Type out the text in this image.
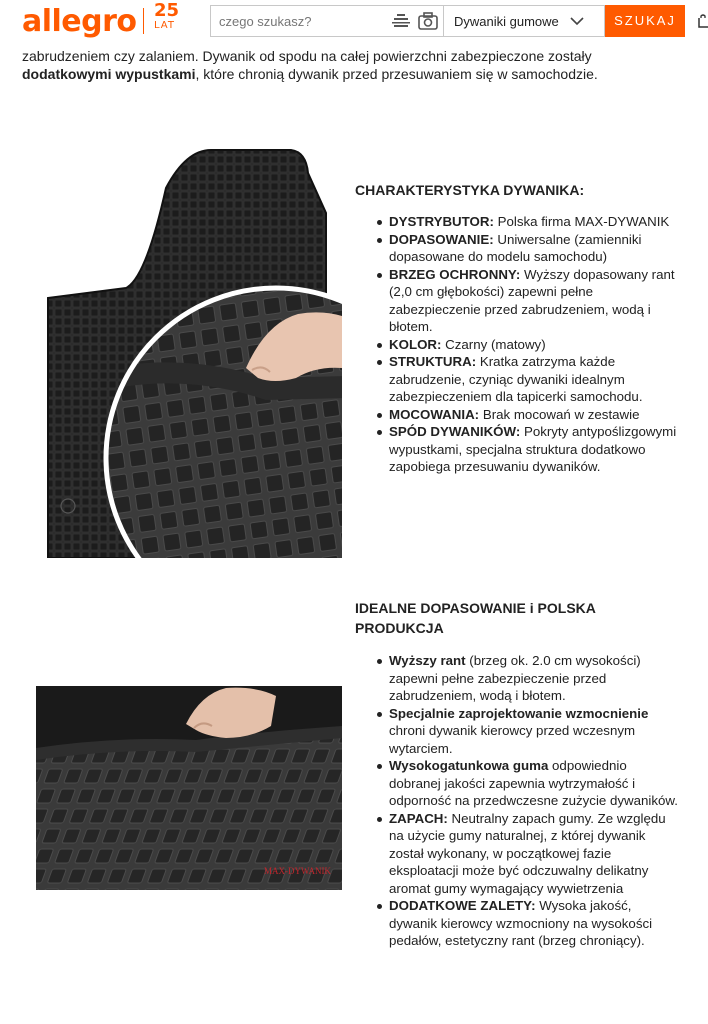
allegro 25
LAT
czego szukasz?	Dywaniki gumowe	SZUKAJ
zabrudzeniem czy zalaniem. Dywanik od spodu na całej powierzchni zabezpieczone zostały
dodatkowymi wypustkami, które chronią dywanik przed przesuwaniem się w samochodzie.
CHARAKTERYSTYKA DYWANIKA:
DYSTRYBUTOR: Polska firma MAX-DYWANIK
DOPASOWANIE: Uniwersalne (zamienniki dopasowane do modelu samochodu)
BRZEG OCHRONNY: Wyższy dopasowany rant (2,0 cm głębokości) zapewni pełne zabezpieczenie przed zabrudzeniem, wodą i błotem.
KOLOR: Czarny (matowy)
STRUKTURA: Kratka zatrzyma każde zabrudzenie, czyniąc dywaniki idealnym zabezpieczeniem dla tapicerki samochodu.
MOCOWANIA: Brak mocowań w zestawie
SPÓD DYWANIKÓW: Pokryty antypoślizgowymi wypustkami, specjalna struktura dodatkowo zapobiega przesuwaniu dywaników.
MAX-DYWANIK
IDEALNE DOPASOWANIE i POLSKA PRODUKCJA
Wyższy rant (brzeg ok. 2.0 cm wysokości) zapewni pełne zabezpieczenie przed zabrudzeniem, wodą i błotem.
Specjalnie zaprojektowanie wzmocnienie chroni dywanik kierowcy przed wczesnym wytarciem.
Wysokogatunkowa guma odpowiednio dobranej jakości zapewnia wytrzymałość i odporność na przedwczesne zużycie dywaników.
ZAPACH: Neutralny zapach gumy. Ze względu na użycie gumy naturalnej, z której dywanik został wykonany, w początkowej fazie eksploatacji może być odczuwalny delikatny aromat gumy wymagający wywietrzenia
DODATKOWE ZALETY: Wysoka jakość, dywanik kierowcy wzmocniony na wysokości pedałów, estetyczny rant (brzeg chroniący).
